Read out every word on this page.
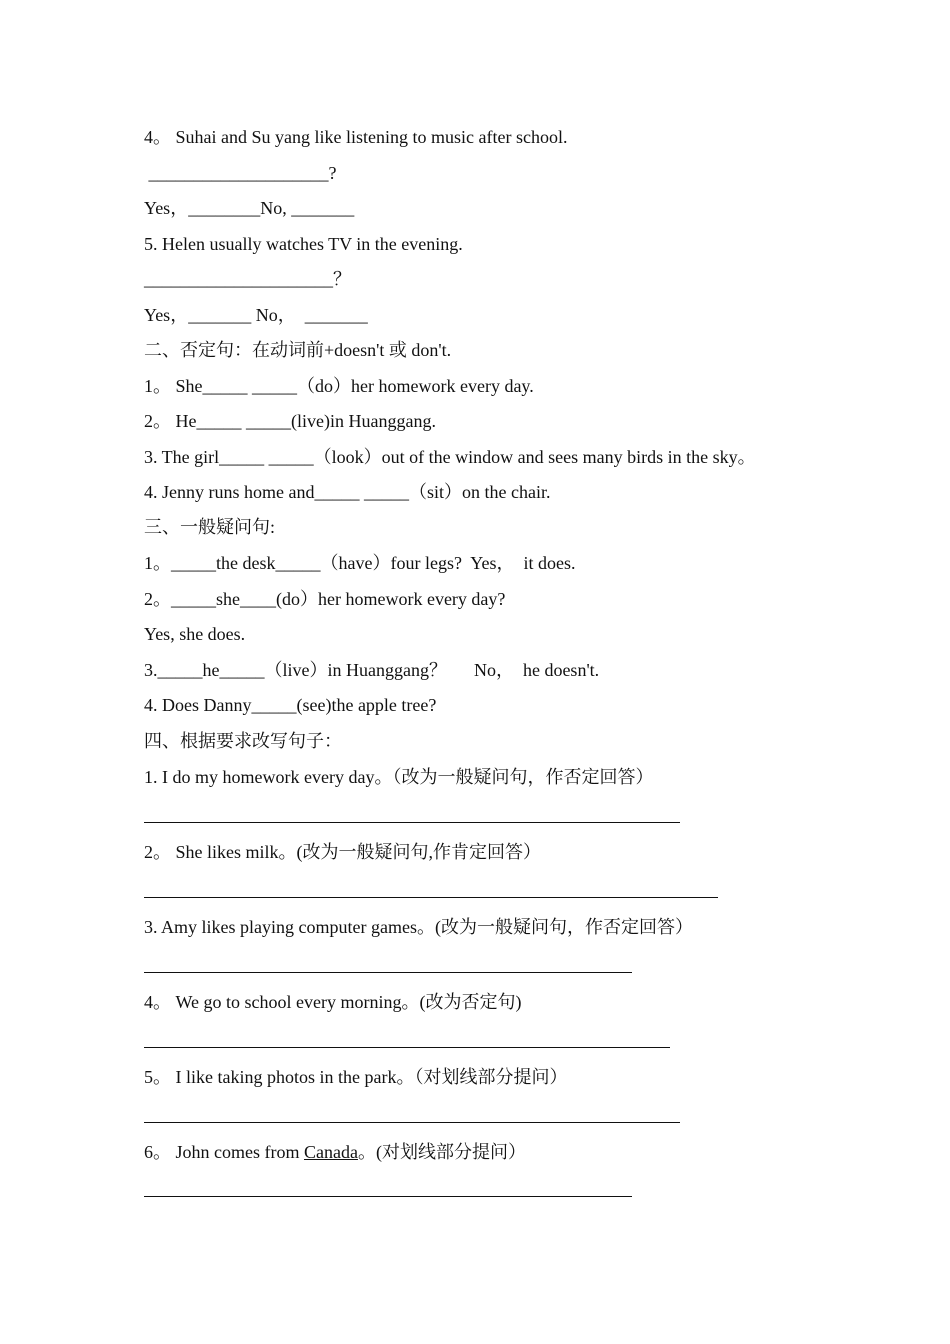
4。 Suhai and Su yang like listening to music after school.
____________________?
Yes，________No, _______
5. Helen usually watches TV in the evening.
_____________________？
Yes，_______ No，  _______
二、否定句：在动词前+doesn't 或 don't.
1。 She_____ _____（do）her homework every day.
2。 He_____ _____(live)in Huanggang.
3. The girl_____ _____（look）out of the window and sees many birds in the sky。
4. Jenny runs home and_____ _____（sit）on the chair.
三、一般疑问句:
1。_____the desk_____（have）four legs?  Yes，  it does.
2。_____she____(do）her homework every day?
Yes, she does.
3._____he_____（live）in Huanggang？      No，  he doesn't.
4. Does Danny_____(see)the apple tree?
四、根据要求改写句子：
1. I do my homework every day。（改为一般疑问句，作否定回答）
2。 She likes milk。(改为一般疑问句,作肯定回答）
3. Amy likes playing computer games。(改为一般疑问句，作否定回答）
4。 We go to school every morning。(改为否定句)
5。 I like taking photos in the park。（对划线部分提问）
6。 John comes from Canada。(对划线部分提问）
